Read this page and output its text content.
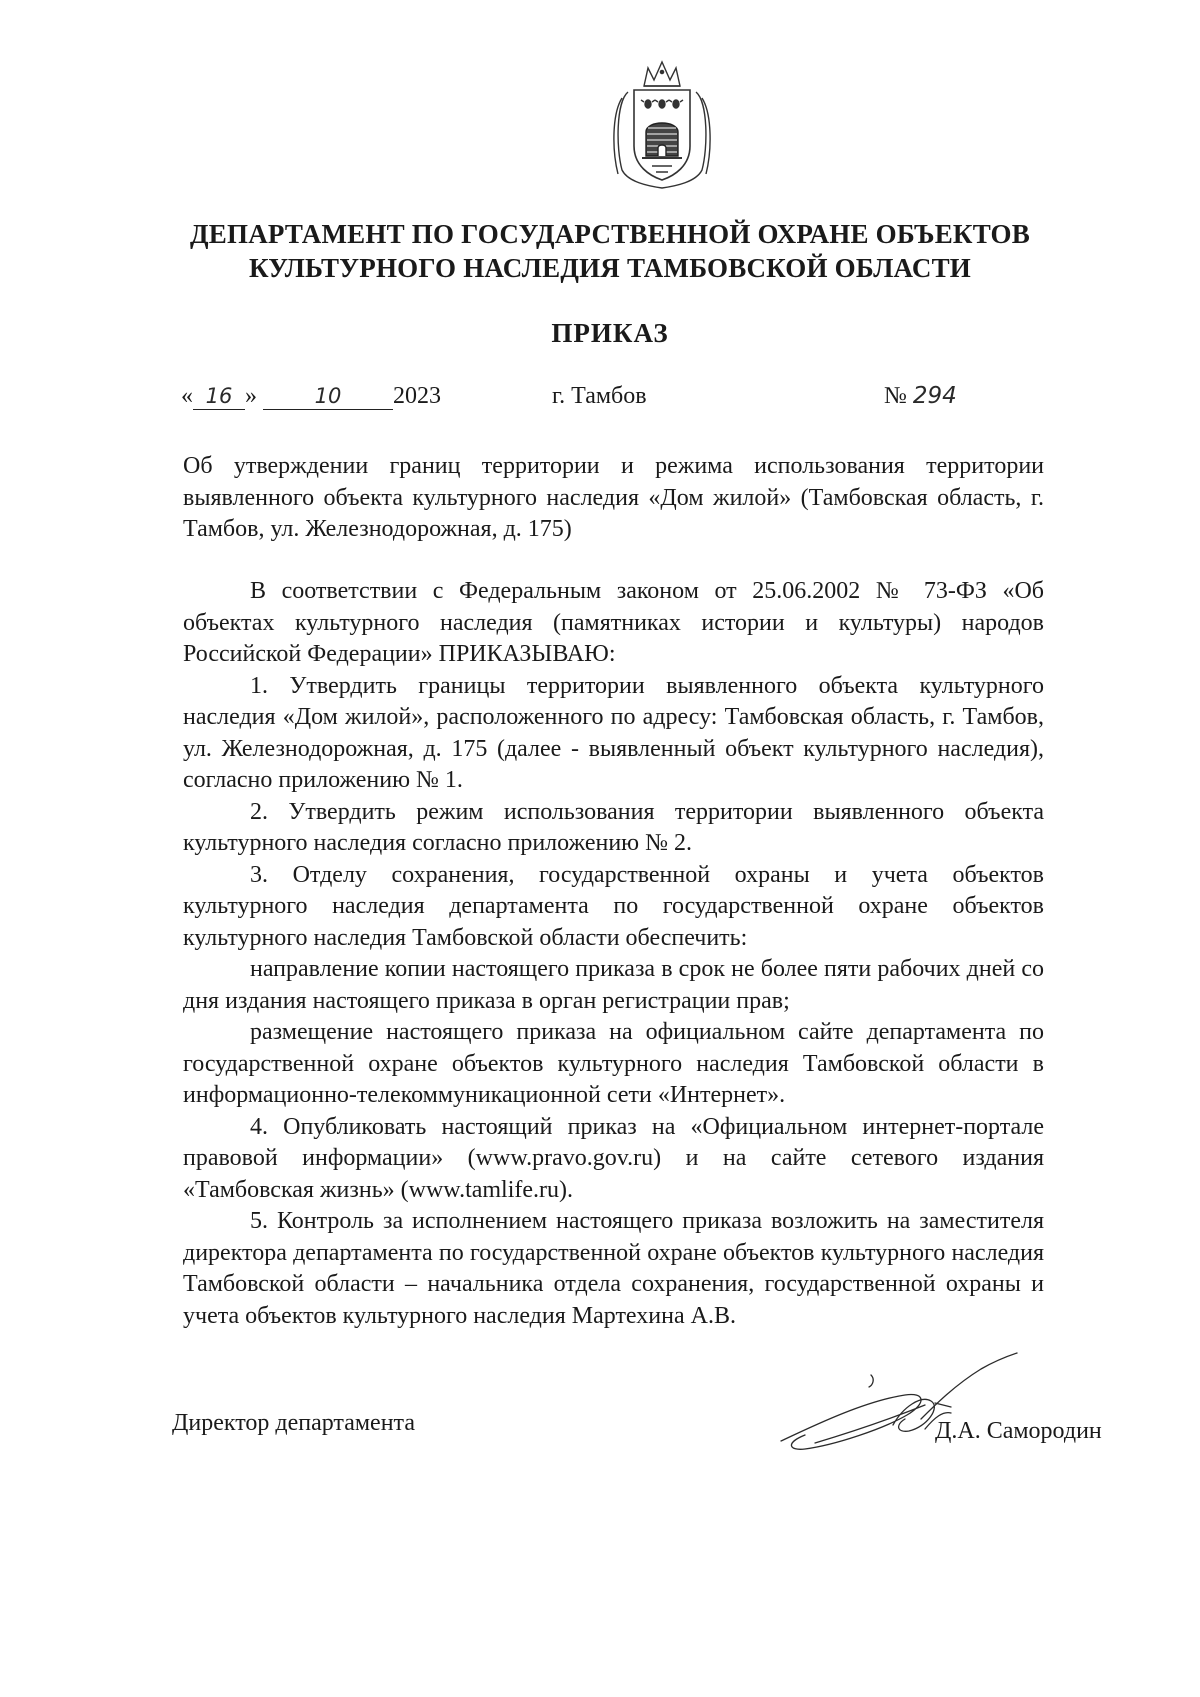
ДЕПАРТАМЕНТ ПО ГОСУДАРСТВЕННОЙ ОХРАНЕ ОБЪЕКТОВ
КУЛЬТУРНОГО НАСЛЕДИЯ ТАМБОВСКОЙ ОБЛАСТИ
ПРИКАЗ
« 16 »	10 2023	г. Тамбов	№ 294

Об утверждении границ территории и режима использования территории выявленного объекта культурного наследия «Дом жилой» (Тамбовская область, г. Тамбов, ул. Железнодорожная, д. 175)

В соответствии с Федеральным законом от 25.06.2002 № 73-ФЗ «Об объектах культурного наследия (памятниках истории и культуры) народов Российской Федерации» ПРИКАЗЫВАЮ:

1. Утвердить границы территории выявленного объекта культурного наследия «Дом жилой», расположенного по адресу: Тамбовская область, г. Тамбов, ул. Железнодорожная, д. 175 (далее - выявленный объект культурного наследия), согласно приложению № 1.

2. Утвердить режим использования территории выявленного объекта культурного наследия согласно приложению № 2.

3. Отделу сохранения, государственной охраны и учета объектов культурного наследия департамента по государственной охране объектов культурного наследия Тамбовской области обеспечить:

направление копии настоящего приказа в срок не более пяти рабочих дней со дня издания настоящего приказа в орган регистрации прав;

размещение настоящего приказа на официальном сайте департамента по государственной охране объектов культурного наследия Тамбовской области в информационно-телекоммуникационной сети «Интернет».

4. Опубликовать настоящий приказ на «Официальном интернет-портале правовой информации» (www.pravo.gov.ru) и на сайте сетевого издания «Тамбовская жизнь» (www.tamlife.ru).

5. Контроль за исполнением настоящего приказа возложить на заместителя директора департамента по государственной охране объектов культурного наследия Тамбовской области – начальника отдела сохранения, государственной охраны и учета объектов культурного наследия Мартехина А.В.

Директор департамента	Д.А. Самородин
